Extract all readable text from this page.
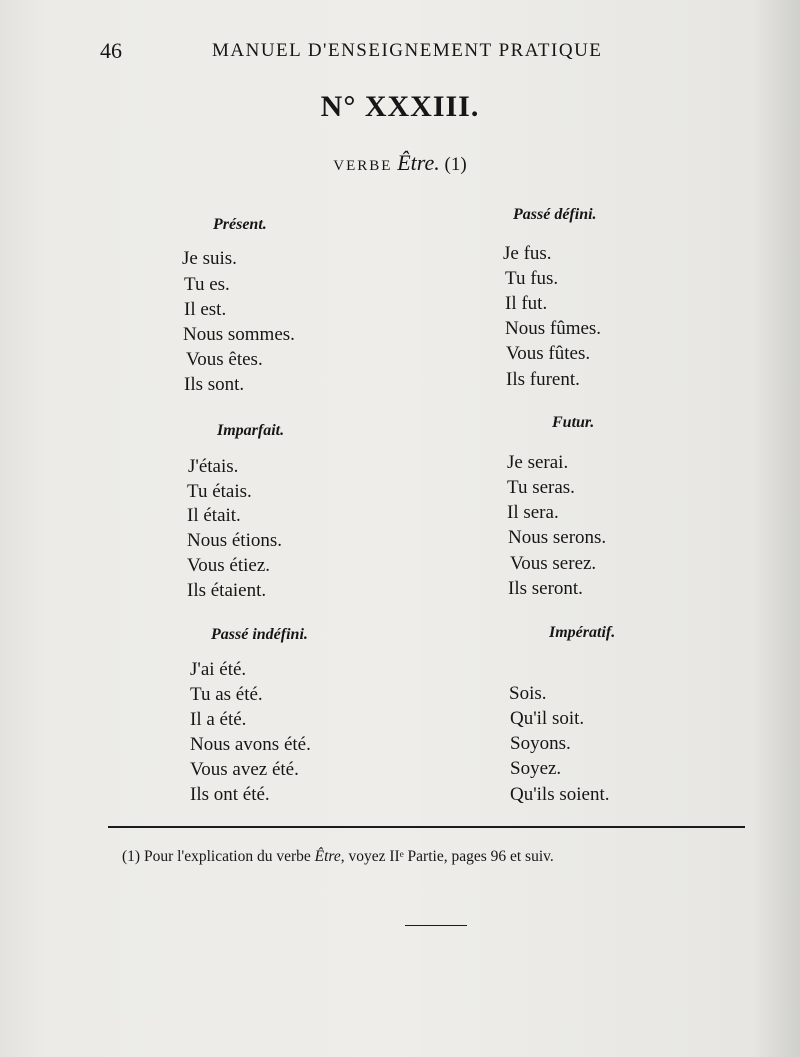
46	MANUEL D'ENSEIGNEMENT PRATIQUE
N° XXXIII.
VERBE Être. (1)
Présent.
Je suis.
Tu es.
Il est.
Nous sommes.
Vous êtes.
Ils sont.
Imparfait.
J'étais.
Tu étais.
Il était.
Nous étions.
Vous étiez.
Ils étaient.
Passé indéfini.
J'ai été.
Tu as été.
Il a été.
Nous avons été.
Vous avez été.
Ils ont été.
Passé défini.
Je fus.
Tu fus.
Il fut.
Nous fûmes.
Vous fûtes.
Ils furent.
Futur.
Je serai.
Tu seras.
Il sera.
Nous serons.
Vous serez.
Ils seront.
Impératif.
Sois.
Qu'il soit.
Soyons.
Soyez.
Qu'ils soient.
(1) Pour l'explication du verbe Être, voyez IIᵉ Partie, pages 96 et suiv.
